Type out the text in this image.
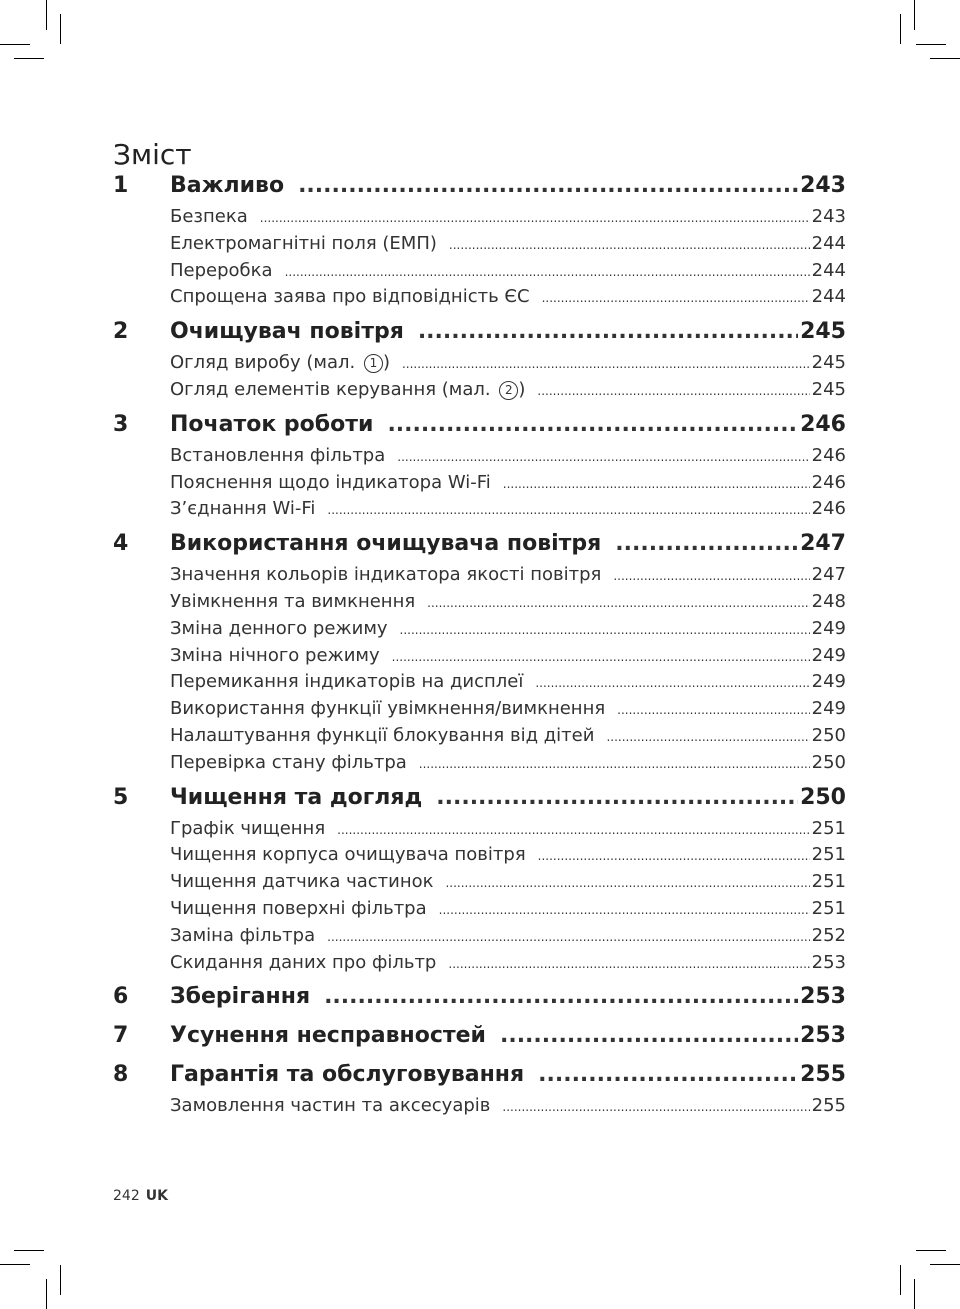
Зміст
1	Важливо .....	243
Безпека .....	243
Електромагнітні поля (ЕМП) .....	244
Переробка .....	244
Спрощена заява про відповідність ЄС .....	244
2	Очищувач повітря .....	245
Огляд виробу (мал. 1 ) .....	245
Огляд елементів керування (мал. 2 ) .....	245
3	Початок роботи .....	246
Встановлення фільтра .....	246
Пояснення щодо індикатора Wi-Fi .....	246
З’єднання Wi-Fi .....	246
4	Використання очищувача повітря .....	247
Значення кольорів індикатора якості повітря .....	247
Увімкнення та вимкнення .....	248
Зміна денного режиму .....	249
Зміна нічного режиму .....	249
Перемикання індикаторів на дисплеї .....	249
Використання функції увімкнення/вимкнення .....	249
Налаштування функції блокування від дітей .....	250
Перевірка стану фільтра .....	250
5	Чищення та догляд .....	250
Графік чищення .....	251
Чищення корпуса очищувача повітря .....	251
Чищення датчика частинок .....	251
Чищення поверхні фільтра .....	251
Заміна фільтра .....	252
Скидання даних про фільтр .....	253
6	Зберігання .....	253
7	Усунення несправностей .....	253
8	Гарантія та обслуговування .....	255
Замовлення частин та аксесуарів .....	255
242 UK
